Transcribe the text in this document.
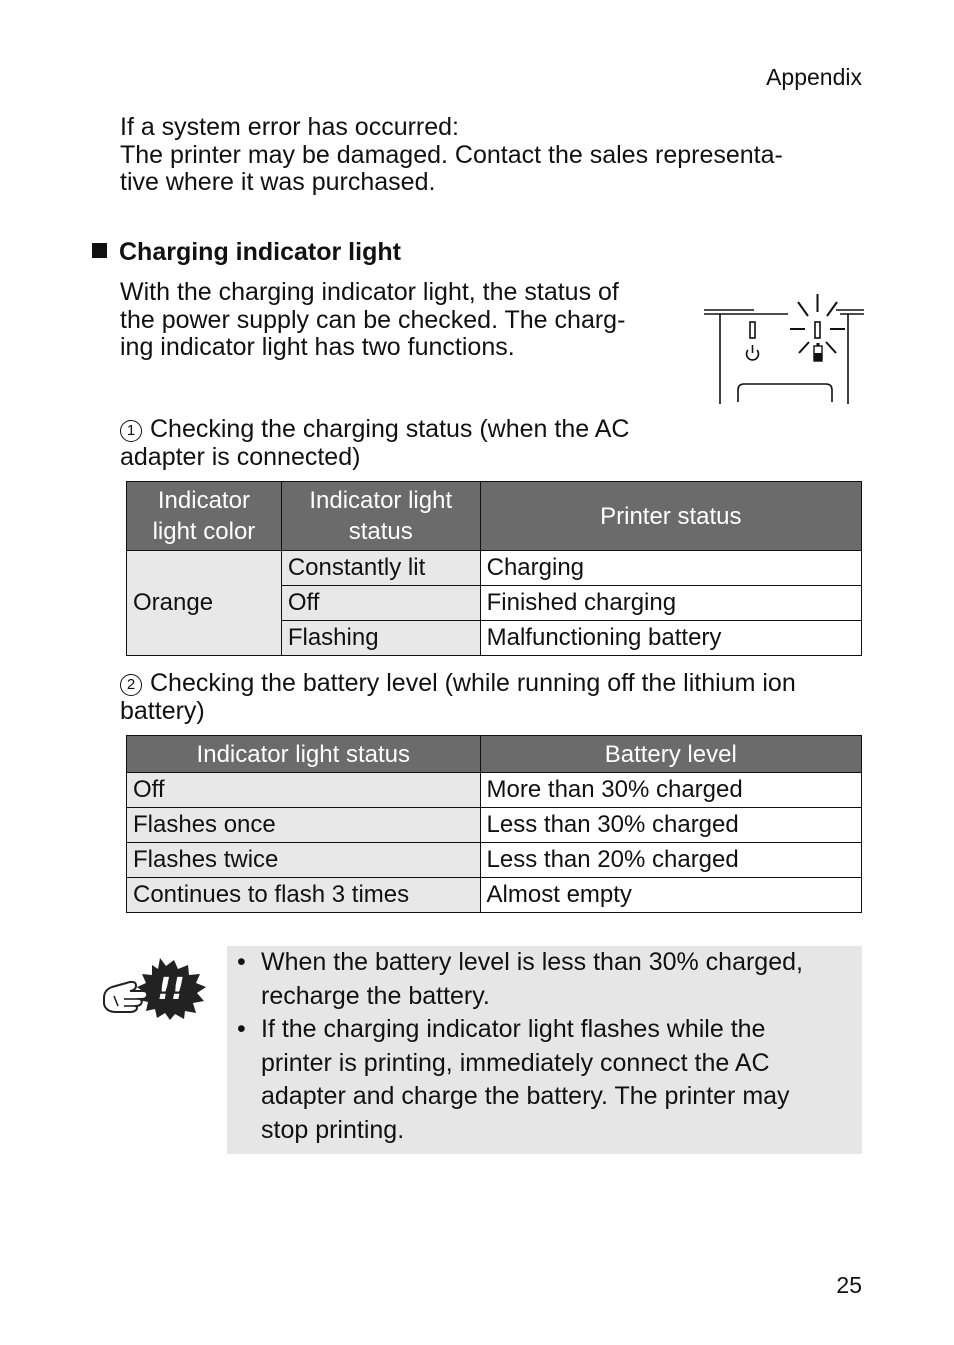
Appendix
If a system error has occurred:
The printer may be damaged. Contact the sales representa-
tive where it was purchased.
Charging indicator light
With the charging indicator light, the status of
the power supply can be checked. The charg-
ing indicator light has two functions.
1 Checking the charging status (when the AC
adapter is connected)
Indicator light color	Indicator light status	Printer status
Orange	Constantly lit	Charging
	Off	Finished charging
	Flashing	Malfunctioning battery
2 Checking the battery level (while running off the lithium ion
battery)
Indicator light status	Battery level
Off	More than 30% charged
Flashes once	Less than 30% charged
Flashes twice	Less than 20% charged
Continues to flash 3 times	Almost empty
!!
• When the battery level is less than 30% charged,
recharge the battery.
• If the charging indicator light flashes while the
printer is printing, immediately connect the AC
adapter and charge the battery. The printer may
stop printing.
25
